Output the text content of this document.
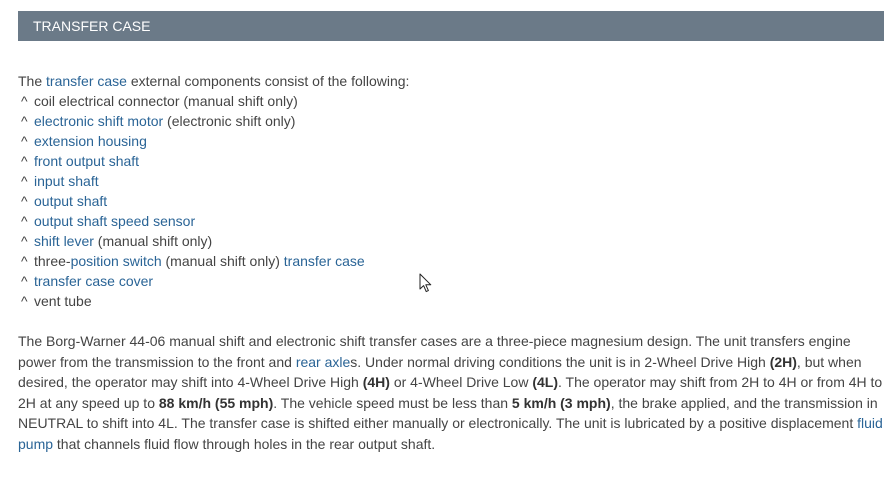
TRANSFER CASE
The transfer case external components consist of the following:
^ coil electrical connector (manual shift only)
^ electronic shift motor (electronic shift only)
^ extension housing
^ front output shaft
^ input shaft
^ output shaft
^ output shaft speed sensor
^ shift lever (manual shift only)
^ three-position switch (manual shift only) transfer case
^ transfer case cover
^ vent tube

The Borg-Warner 44-06 manual shift and electronic shift transfer cases are a three-piece magnesium design. The unit transfers engine power from the transmission to the front and rear axles. Under normal driving conditions the unit is in 2-Wheel Drive High (2H), but when desired, the operator may shift into 4-Wheel Drive High (4H) or 4-Wheel Drive Low (4L). The operator may shift from 2H to 4H or from 4H to 2H at any speed up to 88 km/h (55 mph). The vehicle speed must be less than 5 km/h (3 mph), the brake applied, and the transmission in NEUTRAL to shift into 4L. The transfer case is shifted either manually or electronically. The unit is lubricated by a positive displacement fluid pump that channels fluid flow through holes in the rear output shaft.
